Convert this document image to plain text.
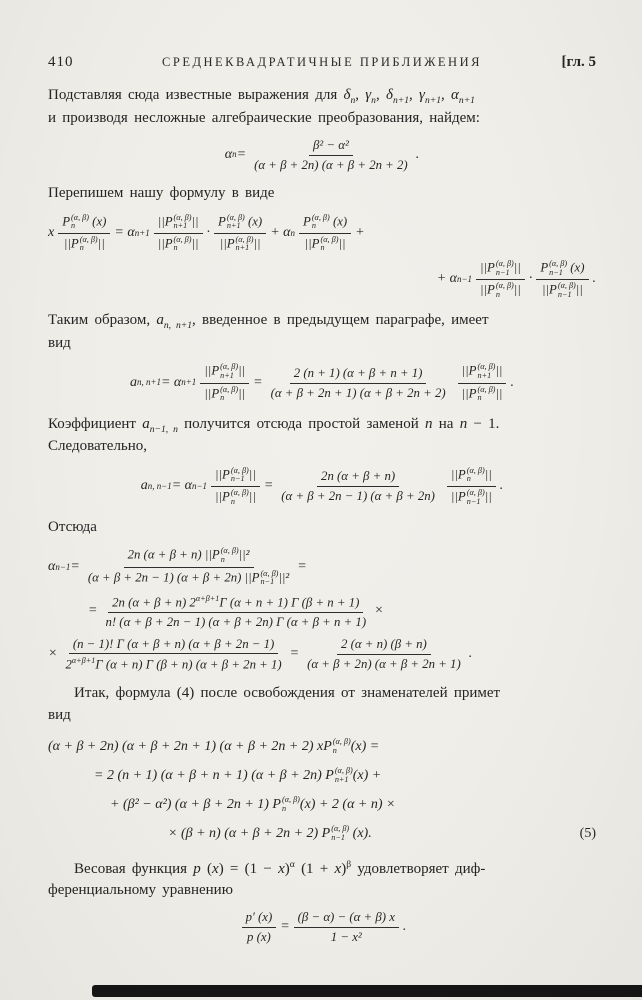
410	СРЕДНЕКВАДРАТИЧНЫЕ ПРИБЛИЖЕНИЯ	[гл. 5

Подставляя сюда известные выражения для $\delta_n$, $\gamma_n$, $\delta_{n+1}$, $\gamma_{n+1}$, $\alpha_{n+1}$
и производя несложные алгебраические преобразования, найдем:

α n =
β² − α²
(α + β + 2n) (α + β + 2n + 2)
.

Перепишем нашу формулу в виде

x
P (α, β)
n (x)
||P (α, β)
n ||
= α n+1
||P (α, β)
n+1 ||
||P (α, β)
n ||
·
P (α, β)
n+1 (x)
||P (α, β)
n+1 ||
+ α n
P (α, β)
n (x)
||P (α, β)
n ||
+
+ α n−1
||P (α, β)
n−1 ||
||P (α, β)
n ||
·
P (α, β)
n−1 (x)
||P (α, β)
n−1 ||
.

Таким образом, $a_{n, n+1}$, введенное в предыдущем параграфе, имеет
вид

a n, n+1 = α n+1
||P (α, β)
n+1 ||
||P (α, β)
n ||
=
2 (n + 1) (α + β + n + 1)
(α + β + 2n + 1) (α + β + 2n + 2)
||P (α, β)
n+1 ||
||P (α, β)
n ||
.

Коэффициент $a_{n-1, n}$ получится отсюда простой заменой n на n − 1.
Следовательно,

a n, n−1 = α n−1
||P (α, β)
n−1 ||
||P (α, β)
n ||
=
2n (α + β + n)
(α + β + 2n − 1) (α + β + 2n)
||P (α, β)
n ||
||P (α, β)
n−1 ||
.

Отсюда

α n−1 =
2n (α + β + n) ||P (α, β)
n ||²
(α + β + 2n − 1) (α + β + 2n) ||P (α, β)
n−1 ||²
=
=
2n (α + β + n) $2^{\alpha+\beta+1}\Gamma$ (α + n + 1) Γ (β + n + 1)
n! (α + β + 2n − 1) (α + β + 2n) Γ (α + β + n + 1)
×
×
(n − 1)! Γ (α + β + n) (α + β + 2n − 1)
$2^{\alpha+\beta+1}\Gamma$ (α + n) Γ (β + n) (α + β + 2n + 1)
=
2 (α + n) (β + n)
(α + β + 2n) (α + β + 2n + 1)
.

Итак, формула (4) после освобождения от знаменателей примет
вид

(α + β + 2n) (α + β + 2n + 1) (α + β + 2n + 2) xP (α, β)
n (x) =
= 2 (n + 1) (α + β + n + 1) (α + β + 2n) P (α, β)
n+1 (x) +
+ (β² − α²) (α + β + 2n + 1) P (α, β)
n (x) + 2 (α + n) ×
× (β + n) (α + β + 2n + 2) P (α, β)
n−1 (x).	(5)

Весовая функция p $(x) = (1 - x)^\alpha$ $(1 + x)^\beta$ удовлетворяет диф-
ференциальному уравнению

p′ (x)
p (x)
=
(β − α) − (α + β) x
1 − x²
.
